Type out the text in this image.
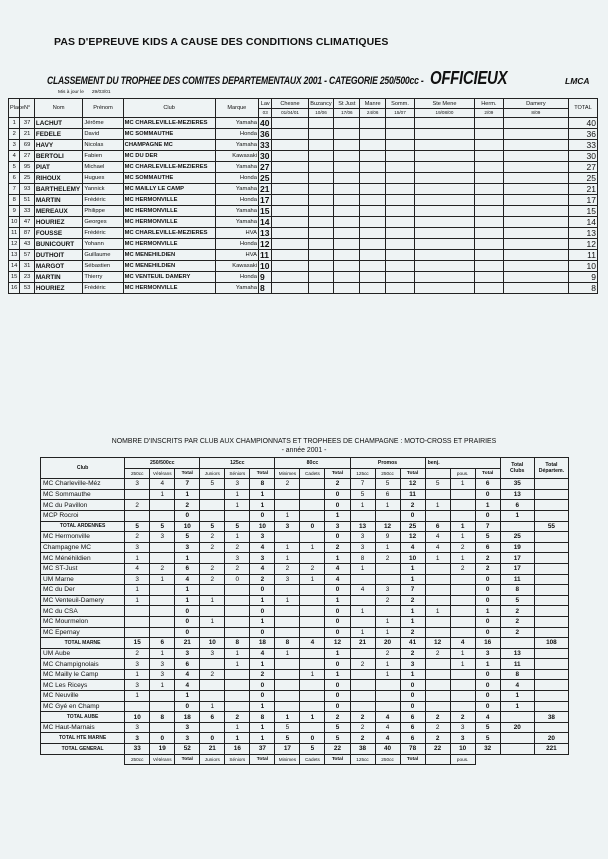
PAS D'EPREUVE KIDS A CAUSE DES CONDITIONS CLIMATIQUES
CLASSEMENT DU TROPHEE DES COMITES DEPARTEMENTAUX 2001 - CATEGORIE 250/500cc - OFFICIEUX	LMCA
Mis à jour le 29/03/01
Place	N°	Nom	Prénom	Club	Marque	Lav	Chesne	Buzancy	St Just	Manre	Somm.	Ste Mene	Herm.	Damery	TOTAL
						03	01/04/01	10/06	17/06	24/06	15/07	19/08/00	2/09	8/09	
1	37	LACHUT	Jérôme	MC CHARLEVILLE-MEZIERES	Yamaha	40									40
2	21	FEDELE	David	MC SOMMAUTHE	Honda	36									36
3	69	HAVY	Nicolas	CHAMPAGNE MC	Yamaha	33									33
4	27	BERTOLI	Fabien	MC DU DER	Kawasaki	30									30
5	95	PIAT	Michael	MC CHARLEVILLE-MEZIERES	Yamaha	27									27
6	25	RIHOUX	Hugues	MC SOMMAUTHE	Honda	25									25
7	93	BARTHELEMY	Yannick	MC MAILLY LE CAMP	Yamaha	21									21
8	51	MARTIN	Frédéric	MC HERMONVILLE	Honda	17									17
9	33	MEREAUX	Philippe	MC HERMONVILLE	Yamaha	15									15
10	47	HOURIEZ	Georges	MC HERMONVILLE	Yamaha	14									14
11	87	FOUSSE	Frédéric	MC CHARLEVILLE-MEZIERES	HVA	13									13
12	43	BUNICOURT	Yohann	MC HERMONVILLE	Honda	12									12
13	57	DUTHOIT	Guillaume	MC MENEHILDIEN	HVA	11									11
14	31	MARGOT	Sébastien	MC MENEHILDIEN	Kawasaki	10									10
15	23	MARTIN	Thierry	MC VENTEUIL DAMERY	Honda	9									9
16	53	HOURIEZ	Frédéric	MC HERMONVILLE	Yamaha	8									8
NOMBRE D'INSCRITS PAR CLUB AUX CHAMPIONNATS ET TROPHEES DE CHAMPAGNE : MOTO-CROSS ET PRAIRIES
- année 2001 -
Club	250/500cc			125cc			80cc			Promos			benj.			Total
Clubs	Total
Départem.
	250cc	Vétérans	Total	Juniors	Séniors	Total	Minimes	Cadets	Total	125cc	250cc	Total		pous.	Total		
MC Charleville-Méz	3	4	7	5	3	8	2		2	7	5	12	5	1	6	35	
MC Sommauthe		1	1		1	1			0	5	6	11			0	13	
MC du Pavillon	2		2		1	1			0	1	1	2	1		1	6	
MCP Rocroi			0			0	1		1			0			0	1	
TOTAL ARDENNES	5	5	10	5	5	10	3	0	3	13	12	25	6	1	7		55
MC Hermonville	2	3	5	2	1	3			0	3	9	12	4	1	5	25	
Champagne MC	3		3	2	2	4	1	1	2	3	1	4	4	2	6	19	
MC Ménéhildien	1		1		3	3	1		1	8	2	10	1	1	2	17	
MC ST-Just	4	2	6	2	2	4	2	2	4	1		1		2	2	17	
UM Marne	3	1	4	2	0	2	3	1	4			1			0	11	
MC du Der	1		1			0			0	4	3	7			0	8	
MC Venteuil-Damery	1		1	1		1	1		1		2	2			0	5	
MC du CSA			0			0			0	1		1	1		1	2	
MC Mourmelon			0	1		1			0		1	1			0	2	
MC Epernay			0			0			0	1	1	2			0	2	
TOTAL MARNE	15	6	21	10	8	18	8	4	12	21	20	41	12	4	16		108
UM Aube	2	1	3	3	1	4	1		1		2	2	2	1	3	13	
MC Champignolais	3	3	6		1	1			0	2	1	3		1	1	11	
MC Mailly le Camp	1	3	4	2		2		1	1		1	1			0	8	
MC Les Riceys	3	1	4			0			0			0			0	4	
MC Neuville	1		1			0			0			0			0	1	
MC Gyé en Champ			0	1		1			0			0			0	1	
TOTAL AUBE	10	8	18	6	2	8	1	1	2	2	4	6	2	2	4		38
MC Haut-Marnais	3		3		1	1	5		5	2	4	6	2	3	5	20	
TOTAL HTE MARNE	3	0	3	0	1	1	5	0	5	2	4	6	2	3	5		20
TOTAL GENERAL	33	19	52	21	16	37	17	5	22	38	40	78	22	10	32		221
	250cc	Vétérans	Total	Juniors	Séniors	Total	Minimes	Cadets	Total	125cc	250cc	Total		pous.			
